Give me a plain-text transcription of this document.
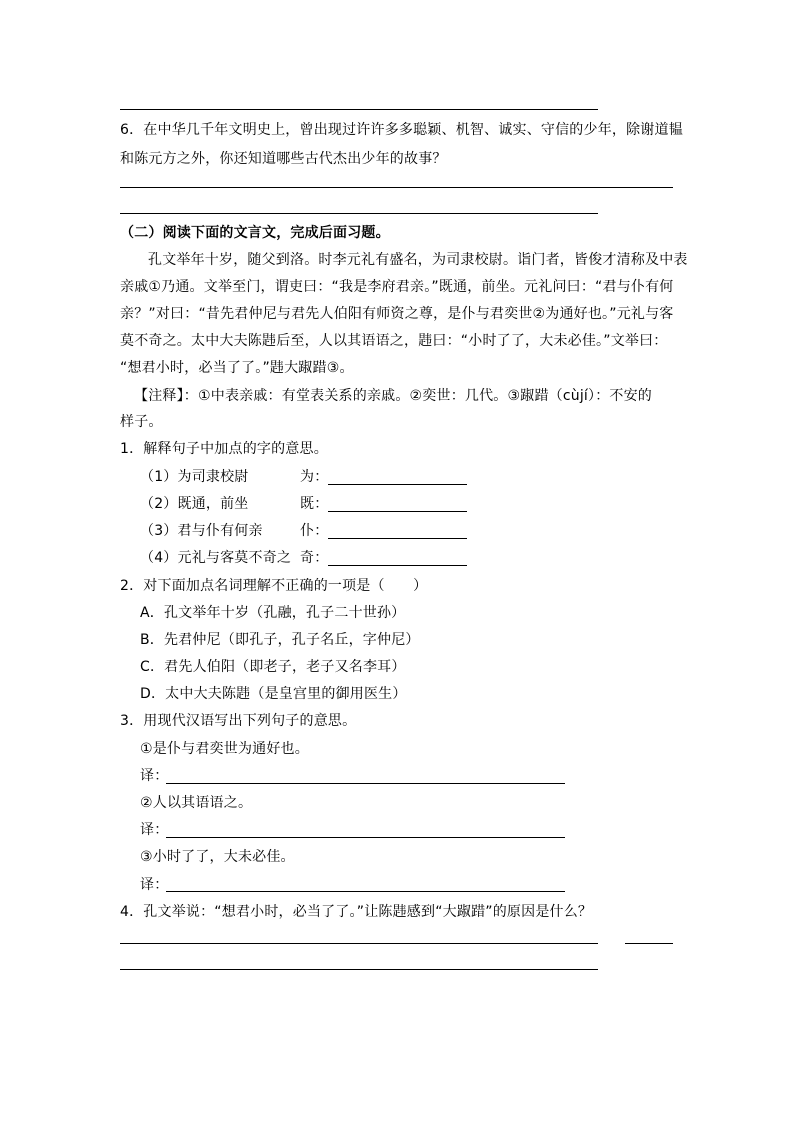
6．在中华几千年文明史上，曾出现过许许多多聪颖、机智、诚实、守信的少年，除谢道韫
和陈元方之外，你还知道哪些古代杰出少年的故事？
（二）阅读下面的文言文，完成后面习题。
孔文举年十岁，随父到洛。时李元礼有盛名，为司隶校尉。诣门者，皆俊才清称及中表
亲戚①乃通。文举至门，谓吏曰：“我是李府君亲。”既通，前坐。元礼问曰：“君与仆有何
亲？”对曰：“昔先君仲尼与君先人伯阳有师资之尊，是仆与君奕世②为通好也。”元礼与客
莫不奇之。太中大夫陈韪后至，人以其语语之，韪曰：“小时了了，大未必佳。”文举曰：
“想君小时，必当了了。”韪大踧踖③。
【注释】：①中表亲戚：有堂表关系的亲戚。②奕世：几代。③踧踖（cùjí）：不安的
样子。
1．解释句子中加点的字的意思。
（1）为司隶校尉	为：
（2）既通，前坐	既：
（3）君与仆有何亲	仆：
（4）元礼与客莫不奇之 奇：
2．对下面加点名词理解不正确的一项是（　　）
A．孔文举年十岁（孔融，孔子二十世孙）
B．先君仲尼（即孔子，孔子名丘，字仲尼）
C．君先人伯阳（即老子，老子又名李耳）
D．太中大夫陈韪（是皇宫里的御用医生）
3．用现代汉语写出下列句子的意思。
①是仆与君奕世为通好也。
译：
②人以其语语之。
译：
③小时了了，大未必佳。
译：
4．孔文举说：“想君小时，必当了了。”让陈韪感到“大踧踖”的原因是什么？
